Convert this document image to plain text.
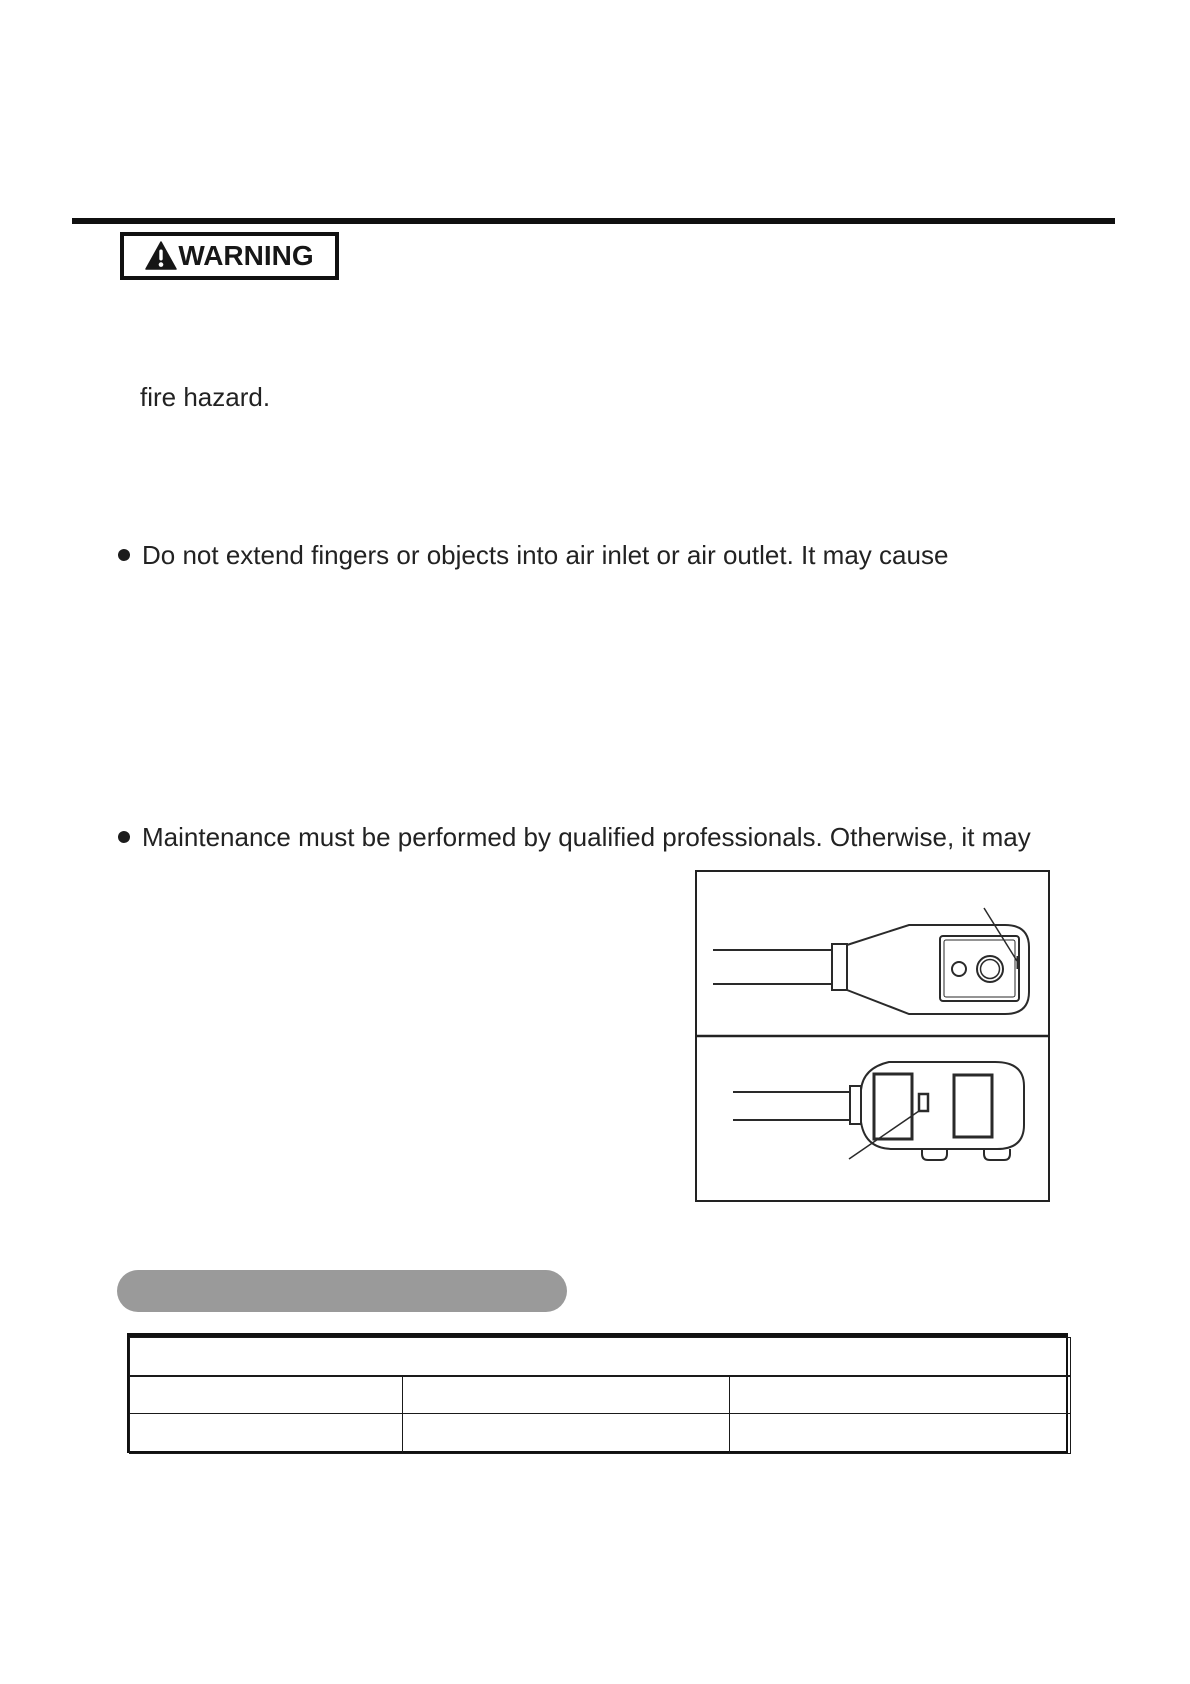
WARNING
fire hazard.
Do not extend fingers or objects into air inlet or air outlet. It may cause
Maintenance must be performed by qualified professionals. Otherwise, it may
